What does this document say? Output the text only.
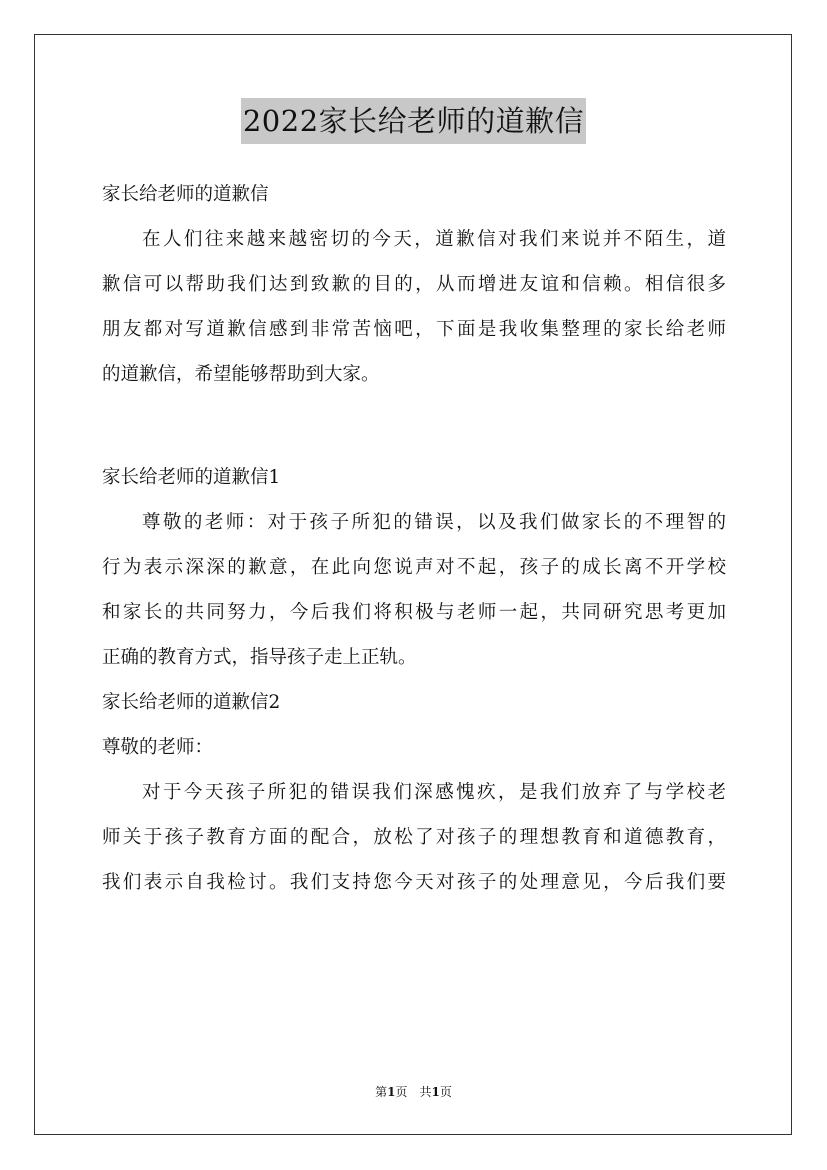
2022家长给老师的道歉信
家长给老师的道歉信
在人们往来越来越密切的今天，道歉信对我们来说并不陌生，道
歉信可以帮助我们达到致歉的目的，从而增进友谊和信赖。相信很多
朋友都对写道歉信感到非常苦恼吧，下面是我收集整理的家长给老师
的道歉信，希望能够帮助到大家。
家长给老师的道歉信1
尊敬的老师：对于孩子所犯的错误，以及我们做家长的不理智的
行为表示深深的歉意，在此向您说声对不起，孩子的成长离不开学校
和家长的共同努力，今后我们将积极与老师一起，共同研究思考更加
正确的教育方式，指导孩子走上正轨。
家长给老师的道歉信2
尊敬的老师：
对于今天孩子所犯的错误我们深感愧疚，是我们放弃了与学校老
师关于孩子教育方面的配合，放松了对孩子的理想教育和道德教育，
我们表示自我检讨。我们支持您今天对孩子的处理意见，今后我们要
第1页　共1页
